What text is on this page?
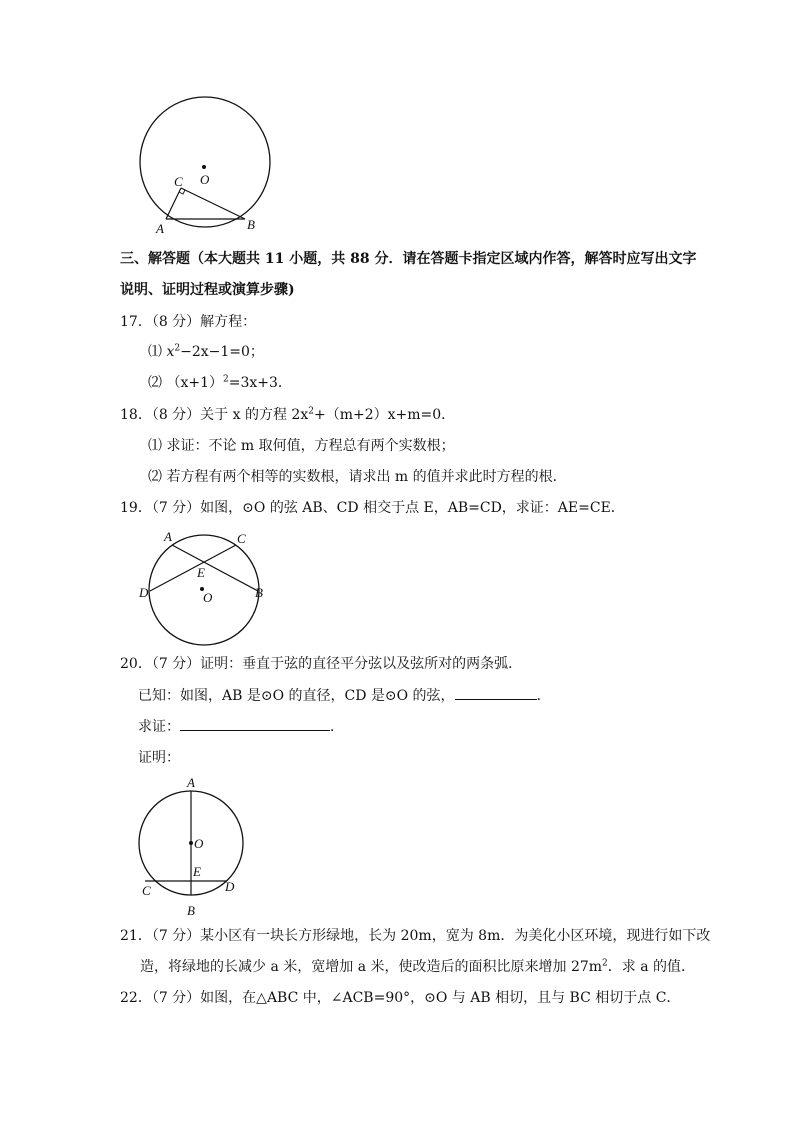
C O
A	B
三、解答题（本大题共 11 小题，共 88 分．请在答题卡指定区域内作答，解答时应写出文字
说明、证明过程或演算步骤)
17．（8 分）解方程：
⑴ $x^2-2x-1=0$；
⑵ $(x+1)^2=3x+3$．
18．（8 分）关于 x 的方程 $2x^2+(m+2)x+m=0$．
⑴ 求证：不论 m 取何值，方程总有两个实数根；
⑵ 若方程有两个相等的实数根，请求出 m 的值并求此时方程的根．
19．（7 分）如图，⊙O 的弦 AB、CD 相交于点 E，AB=CD，求证：AE=CE．
A	C
E
D	O	B
20．（7 分）证明：垂直于弦的直径平分弦以及弦所对的两条弧．
已知：如图，AB 是⊙O 的直径，CD 是⊙O 的弦，	．
求证：	．
证明：
A
O
E
C	D
B
21．（7 分）某小区有一块长方形绿地，长为 20m，宽为 8m．为美化小区环境，现进行如下改
造，将绿地的长减少 a 米，宽增加 a 米，使改造后的面积比原来增加 $27m^2$．求 a 的值．
22．（7 分）如图，在△ABC 中，∠ACB=90°，⊙O 与 AB 相切，且与 BC 相切于点 C．
